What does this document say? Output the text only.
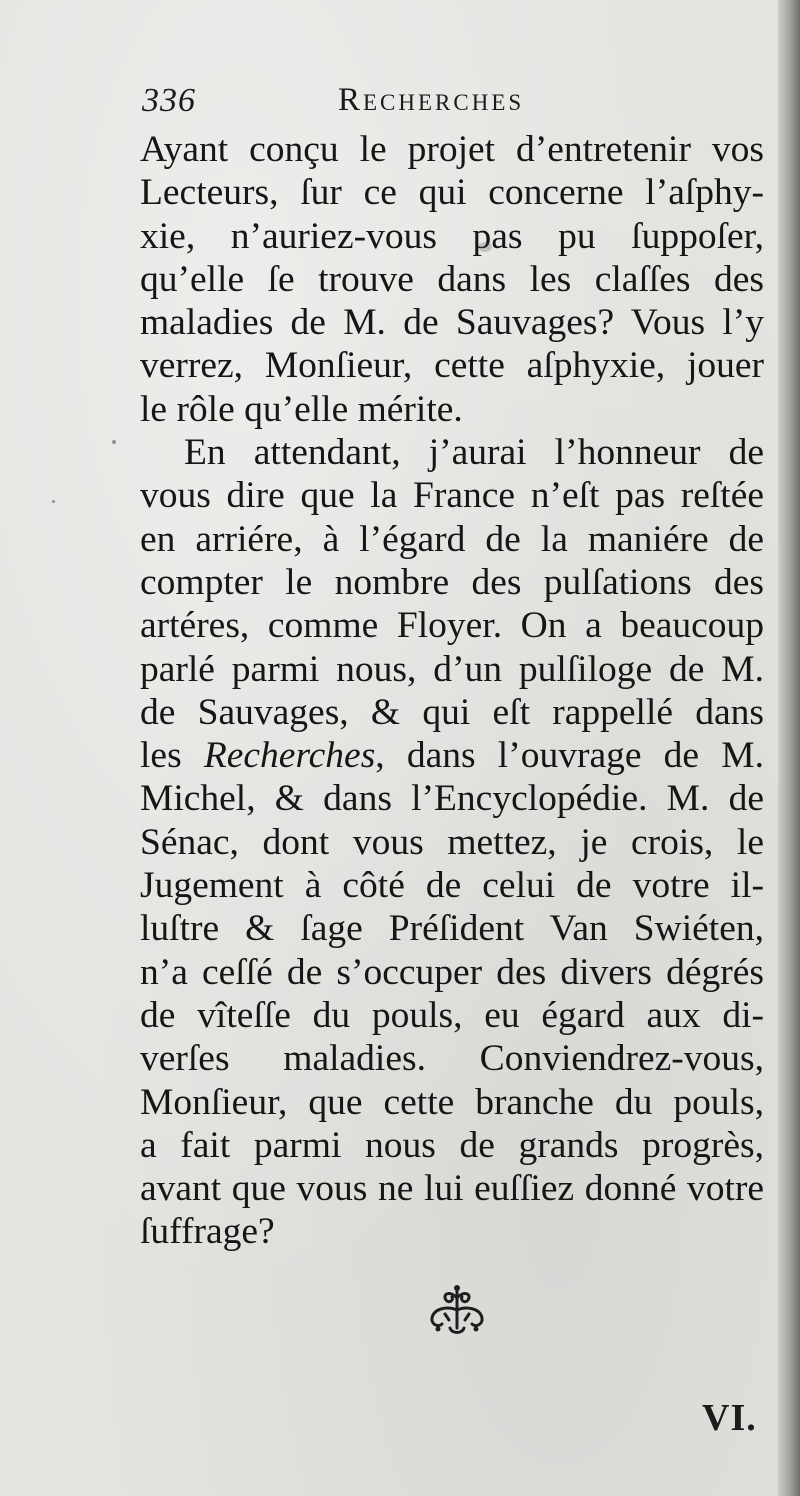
336	Recherches
Ayant conçu le projet d’entretenir vos
Lecteurs, ſur ce qui concerne l’aſphy-
xie, n’auriez-vous pas pu ſuppoſer,
qu’elle ſe trouve dans les claſſes des
maladies de M. de Sauvages? Vous l’y
verrez, Monſieur, cette aſphyxie, jouer
le rôle qu’elle mérite.
En attendant, j’aurai l’honneur de
vous dire que la France n’eſt pas reſtée
en arriére, à l’égard de la maniére de
compter le nombre des pulſations des
artéres, comme Floyer. On a beaucoup
parlé parmi nous, d’un pulſiloge de M.
de Sauvages, & qui eſt rappellé dans
les Recherches, dans l’ouvrage de M.
Michel, & dans l’Encyclopédie. M. de
Sénac, dont vous mettez, je crois, le
Jugement à côté de celui de votre il-
luſtre & ſage Préſident Van Swiéten,
n’a ceſſé de s’occuper des divers dégrés
de vîteſſe du pouls, eu égard aux di-
verſes maladies. Conviendrez-vous,
Monſieur, que cette branche du pouls,
a fait parmi nous de grands progrès,
avant que vous ne lui euſſiez donné votre
ſuffrage?
VI.
